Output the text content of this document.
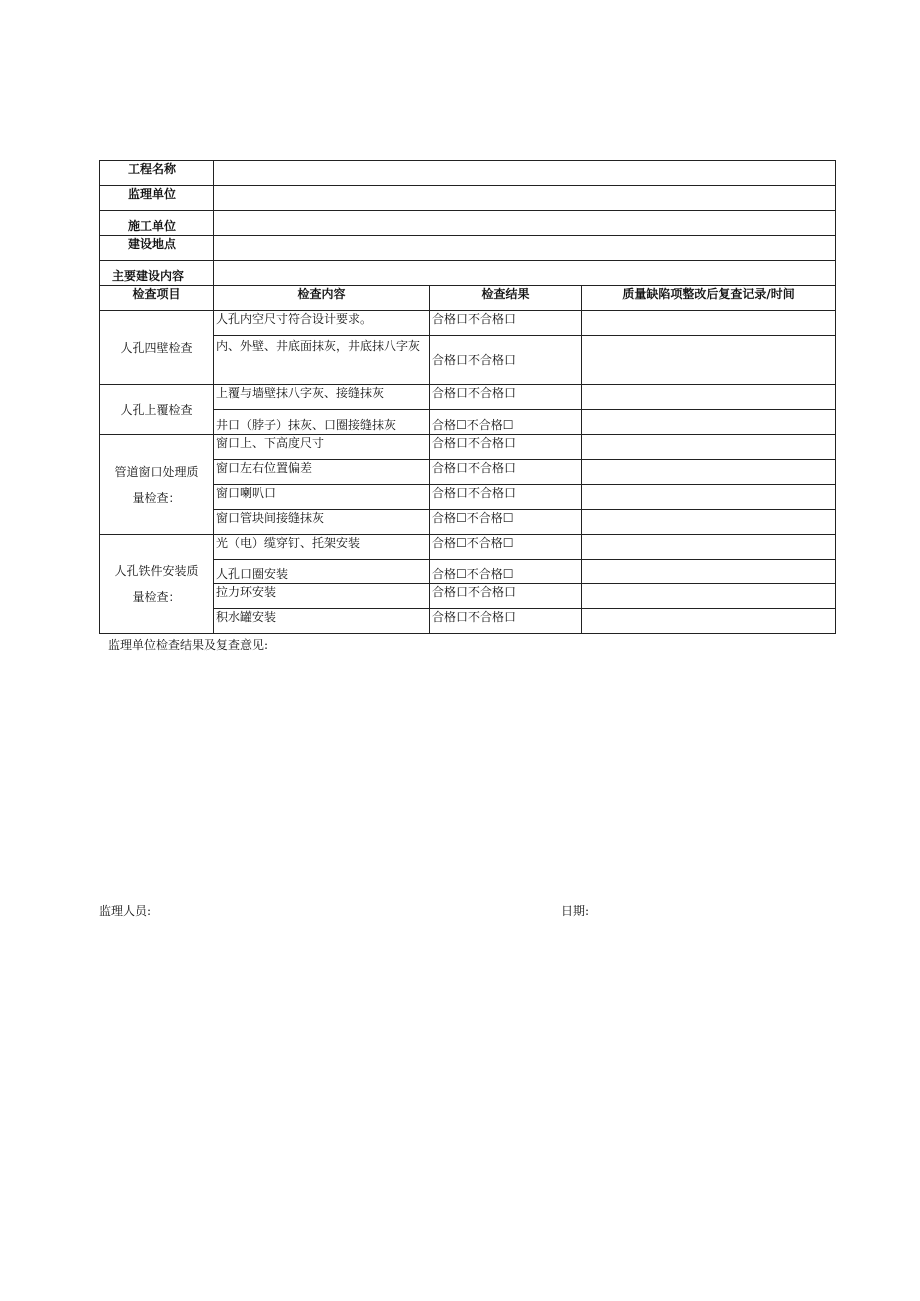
工程名称			
监理单位			
施工单位			
建设地点			
主要建设内容			
检查项目	检查内容	检查结果	质量缺陷项整改后复查记录/时间
人孔四壁检查	人孔内空尺寸符合设计要求。	合格口不合格口	
	内、外壁、井底面抹灰，井底抹八字灰	合格口不合格口	
人孔上覆检查	上覆与墙壁抹八字灰、接缝抹灰	合格口不合格口	
	井口（脖子）抹灰、口圈接缝抹灰	合格☐不合格☐	
管道窗口处理质量检查：	窗口上、下高度尺寸	合格口不合格口	
	窗口左右位置偏差	合格口不合格口	
	窗口喇叭口	合格口不合格口	
	窗口管块间接缝抹灰	合格☐不合格☐	
人孔铁件安装质量检查：	光（电）缆穿钉、托架安装	合格☐不合格☐	
	人孔口圈安装	合格☐不合格☐	
	拉力环安装	合格口不合格口	
	积水罐安装	合格口不合格口	
监理单位检查结果及复查意见:
监理人员:	日期:
